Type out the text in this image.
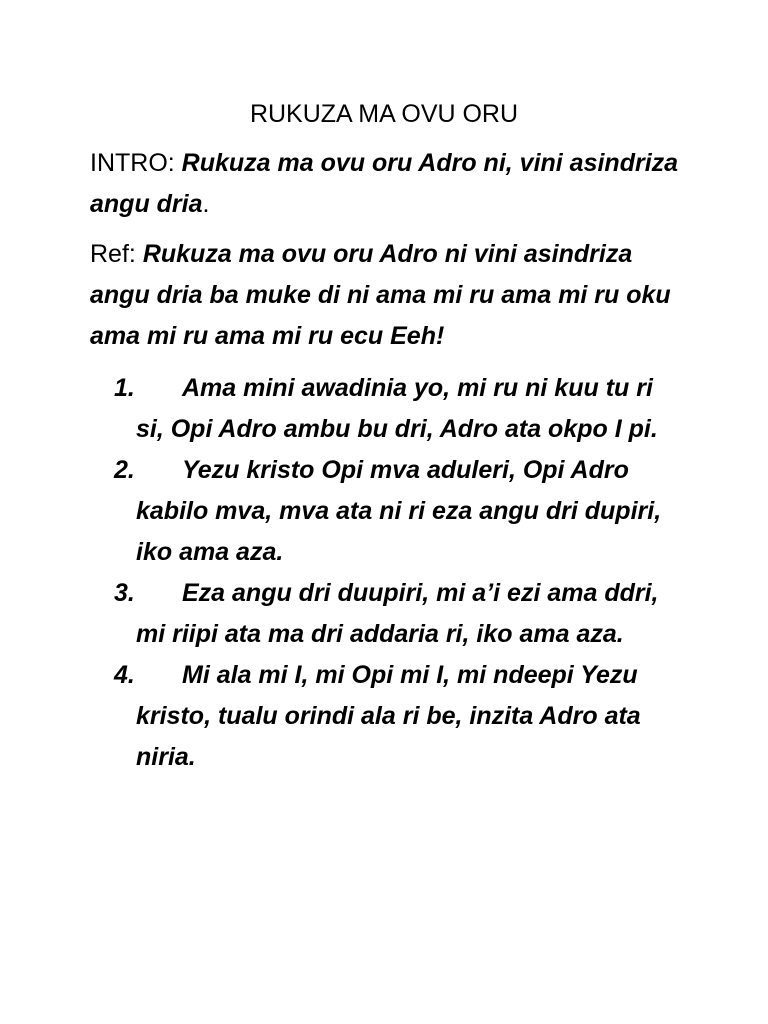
RUKUZA MA OVU ORU

INTRO: Rukuza ma ovu oru Adro ni, vini asindriza angu dria.

Ref: Rukuza ma ovu oru Adro ni vini asindriza angu dria ba muke di ni ama mi ru ama mi ru oku ama mi ru ama mi ru ecu Eeh!

1. Ama mini awadinia yo, mi ru ni kuu tu ri si, Opi Adro ambu bu dri, Adro ata okpo I pi.
2. Yezu kristo Opi mva aduleri, Opi Adro kabilo mva, mva ata ni ri eza angu dri dupiri, iko ama aza.
3. Eza angu dri duupiri, mi a’i ezi ama ddri, mi riipi ata ma dri addaria ri, iko ama aza.
4. Mi ala mi I, mi Opi mi I, mi ndeepi Yezu kristo, tualu orindi ala ri be, inzita Adro ata niria.
